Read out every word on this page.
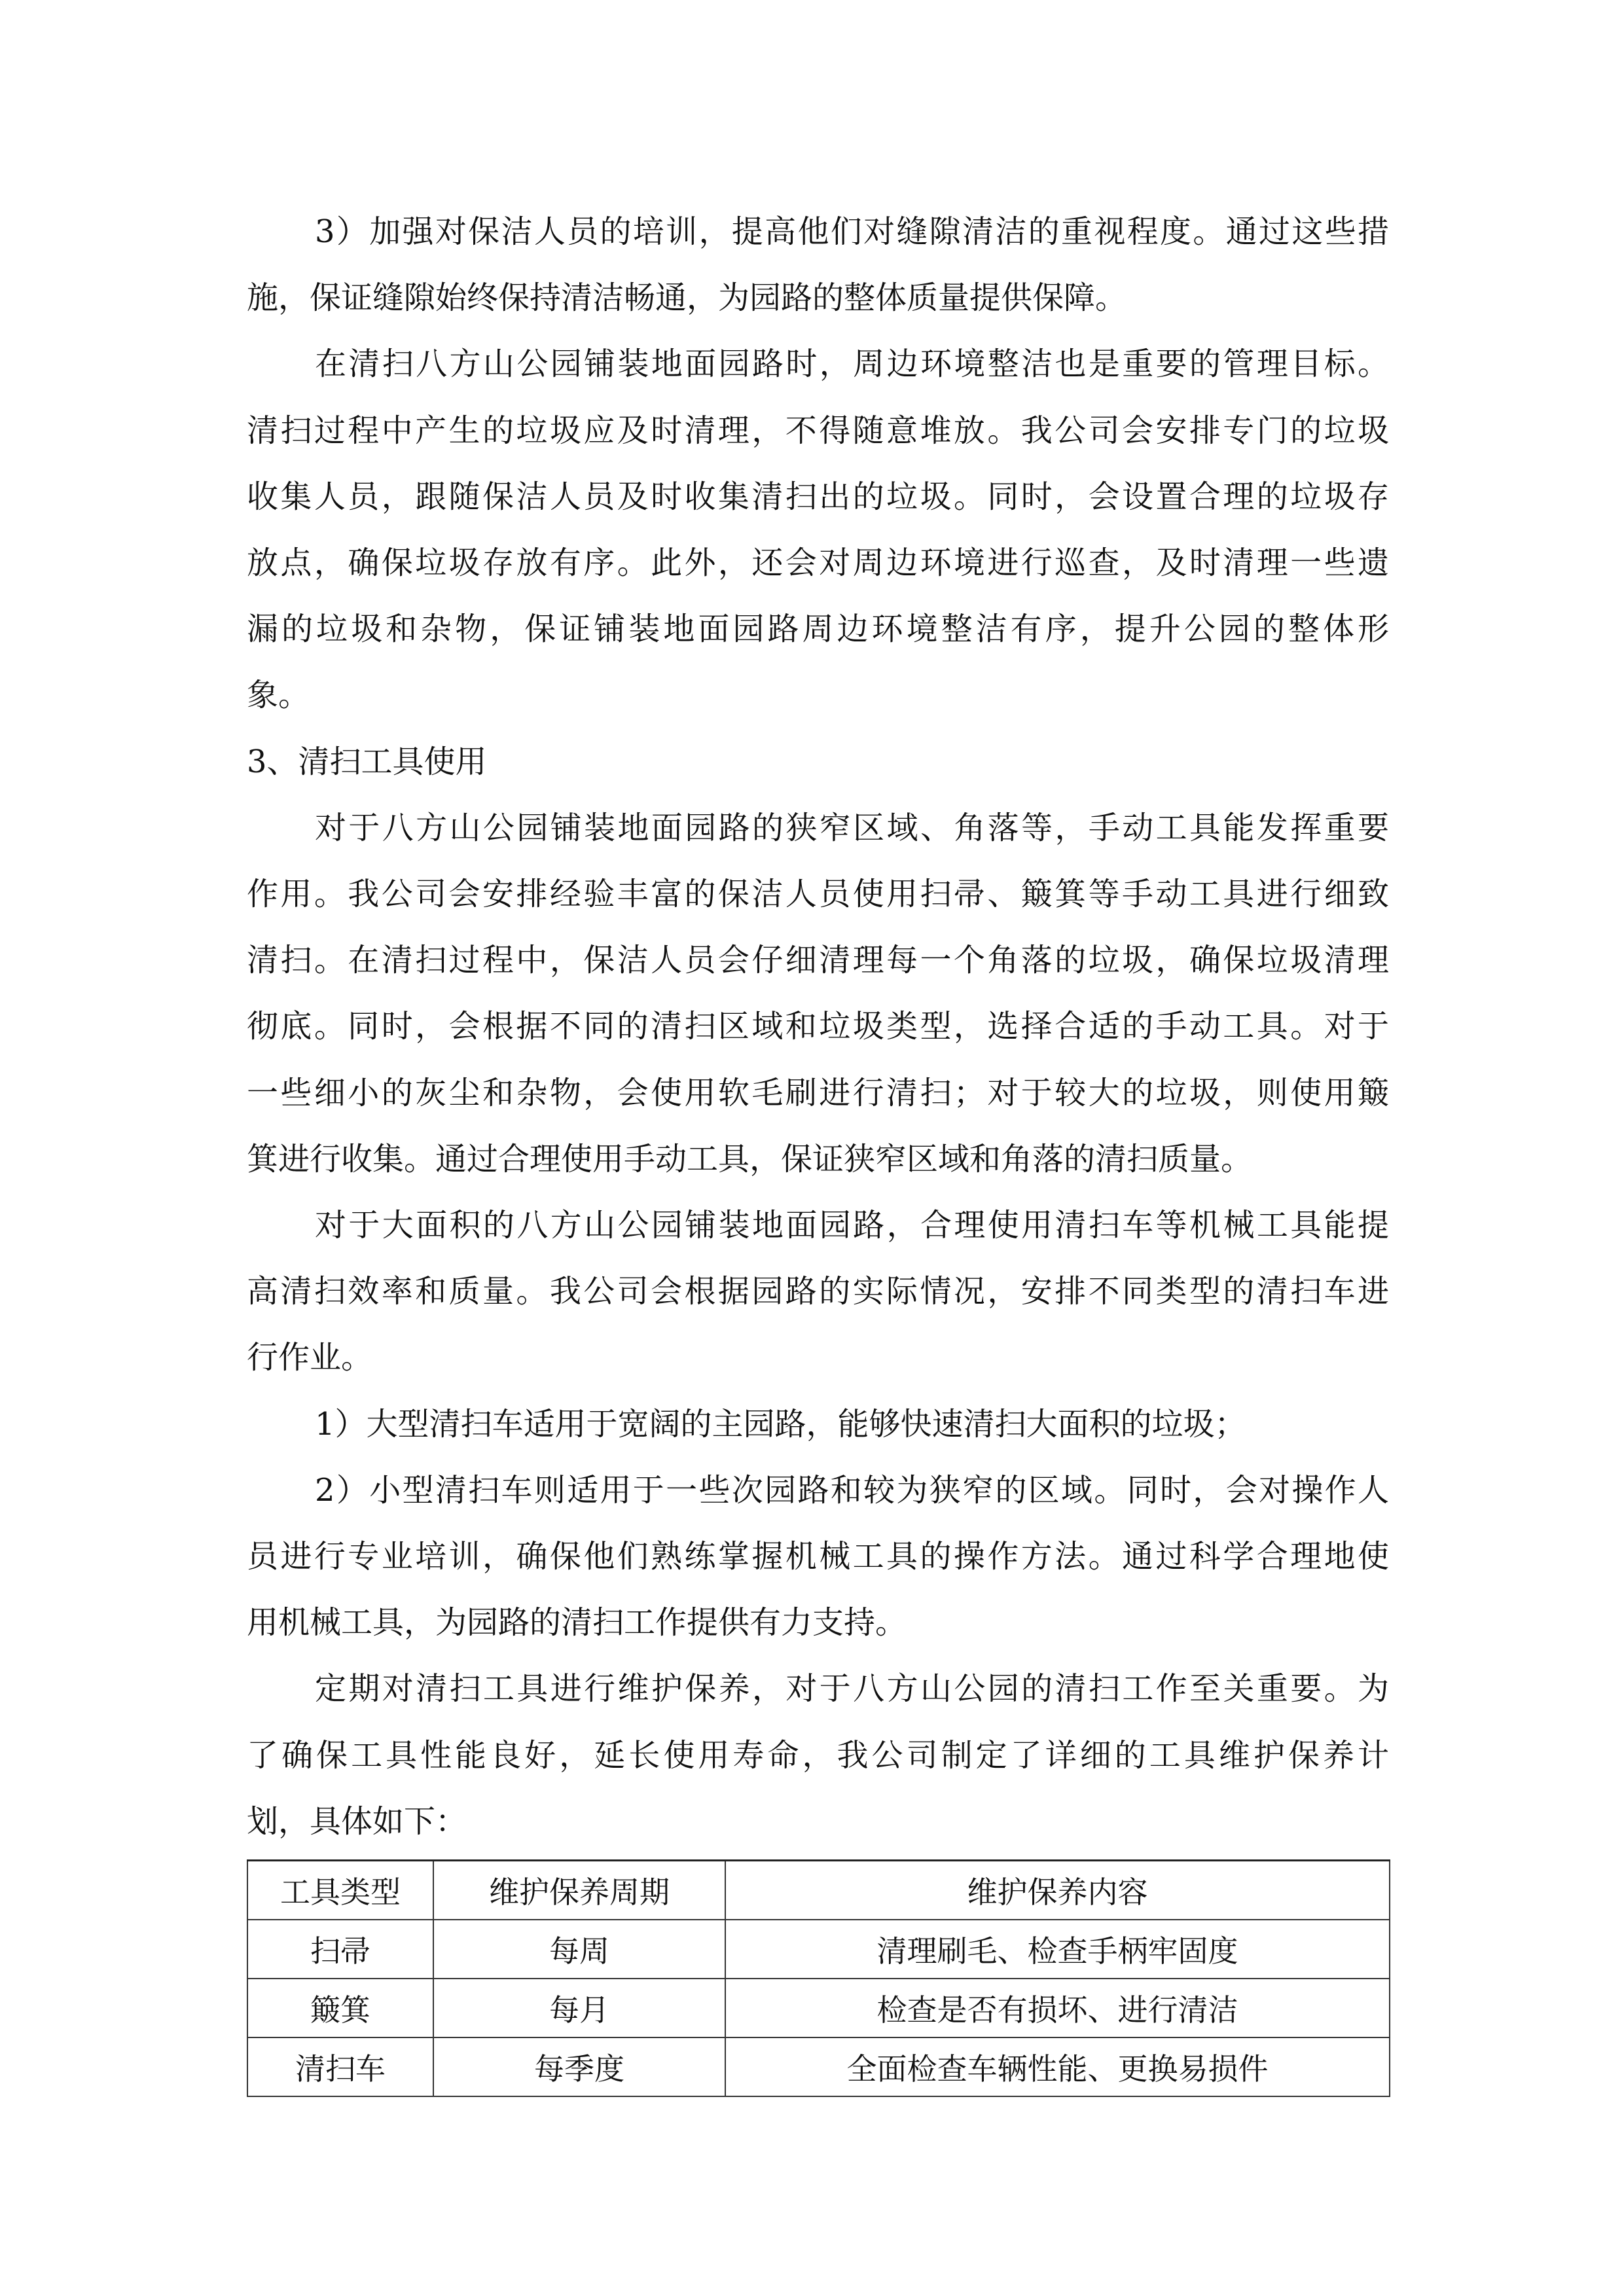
3）加强对保洁人员的培训，提高他们对缝隙清洁的重视程度。通过这些措
施，保证缝隙始终保持清洁畅通，为园路的整体质量提供保障。
在清扫八方山公园铺装地面园路时，周边环境整洁也是重要的管理目标。
清扫过程中产生的垃圾应及时清理，不得随意堆放。我公司会安排专门的垃圾
收集人员，跟随保洁人员及时收集清扫出的垃圾。同时，会设置合理的垃圾存
放点，确保垃圾存放有序。此外，还会对周边环境进行巡查，及时清理一些遗
漏的垃圾和杂物，保证铺装地面园路周边环境整洁有序，提升公园的整体形
象。
3、清扫工具使用
对于八方山公园铺装地面园路的狭窄区域、角落等，手动工具能发挥重要
作用。我公司会安排经验丰富的保洁人员使用扫帚、簸箕等手动工具进行细致
清扫。在清扫过程中，保洁人员会仔细清理每一个角落的垃圾，确保垃圾清理
彻底。同时，会根据不同的清扫区域和垃圾类型，选择合适的手动工具。对于
一些细小的灰尘和杂物，会使用软毛刷进行清扫；对于较大的垃圾，则使用簸
箕进行收集。通过合理使用手动工具，保证狭窄区域和角落的清扫质量。
对于大面积的八方山公园铺装地面园路，合理使用清扫车等机械工具能提
高清扫效率和质量。我公司会根据园路的实际情况，安排不同类型的清扫车进
行作业。
1）大型清扫车适用于宽阔的主园路，能够快速清扫大面积的垃圾；
2）小型清扫车则适用于一些次园路和较为狭窄的区域。同时，会对操作人
员进行专业培训，确保他们熟练掌握机械工具的操作方法。通过科学合理地使
用机械工具，为园路的清扫工作提供有力支持。
定期对清扫工具进行维护保养，对于八方山公园的清扫工作至关重要。为
了确保工具性能良好，延长使用寿命，我公司制定了详细的工具维护保养计
划，具体如下：
工具类型	维护保养周期	维护保养内容
扫帚	每周	清理刷毛、检查手柄牢固度
簸箕	每月	检查是否有损坏、进行清洁
清扫车	每季度	全面检查车辆性能、更换易损件
